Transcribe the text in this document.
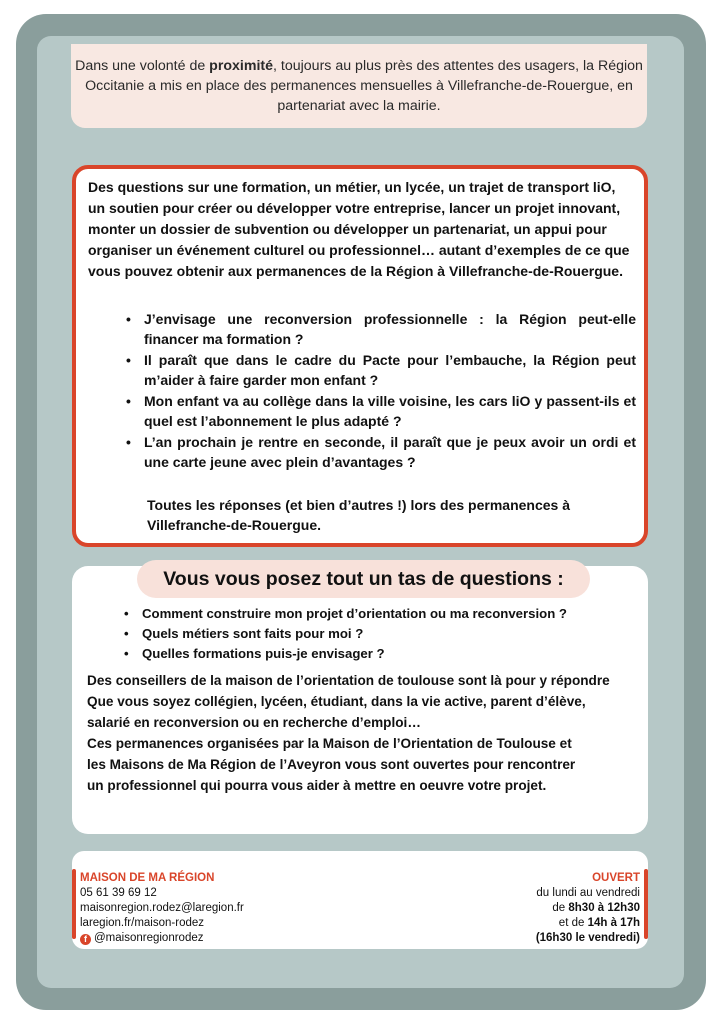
Dans une volonté de proximité, toujours au plus près des attentes des usagers, la Région Occitanie a mis en place des permanences mensuelles à Villefranche-de-Rouergue, en partenariat avec la mairie.
Des questions sur une formation, un métier, un lycée, un trajet de transport liO, un soutien pour créer ou développer votre entreprise, lancer un projet innovant, monter un dossier de subvention ou développer un partenariat, un appui pour organiser un événement culturel ou professionnel… autant d’exemples de ce que vous pouvez obtenir aux permanences de la Région à Villefranche-de-Rouergue.
• J’envisage une reconversion professionnelle : la Région peut-elle financer ma formation ?
• Il paraît que dans le cadre du Pacte pour l’embauche, la Région peut m’aider à faire garder mon enfant ?
• Mon enfant va au collège dans la ville voisine, les cars liO y passent-ils et quel est l’abonnement le plus adapté ?
• L’an prochain je rentre en seconde, il paraît que je peux avoir un ordi et une carte jeune avec plein d’avantages ?
Toutes les réponses (et bien d’autres !) lors des permanences à Villefranche-de-Rouergue.
Vous vous posez tout un tas de questions :
• Comment construire mon projet d’orientation ou ma reconversion ?
• Quels métiers sont faits pour moi ?
• Quelles formations puis-je envisager ?
Des conseillers de la maison de l’orientation de toulouse sont là pour y répondre
Que vous soyez collégien, lycéen, étudiant, dans la vie active, parent d’élève,
salarié en reconversion ou en recherche d’emploi…
Ces permanences organisées par la Maison de l’Orientation de Toulouse et
les Maisons de Ma Région de l’Aveyron vous sont ouvertes pour rencontrer
un professionnel qui pourra vous aider à mettre en oeuvre votre projet.
MAISON DE MA RÉGION
05 61 39 69 12
maisonregion.rodez@laregion.fr
laregion.fr/maison-rodez
f @maisonregionrodez
OUVERT
du lundi au vendredi
de 8h30 à 12h30
et de 14h à 17h
(16h30 le vendredi)
